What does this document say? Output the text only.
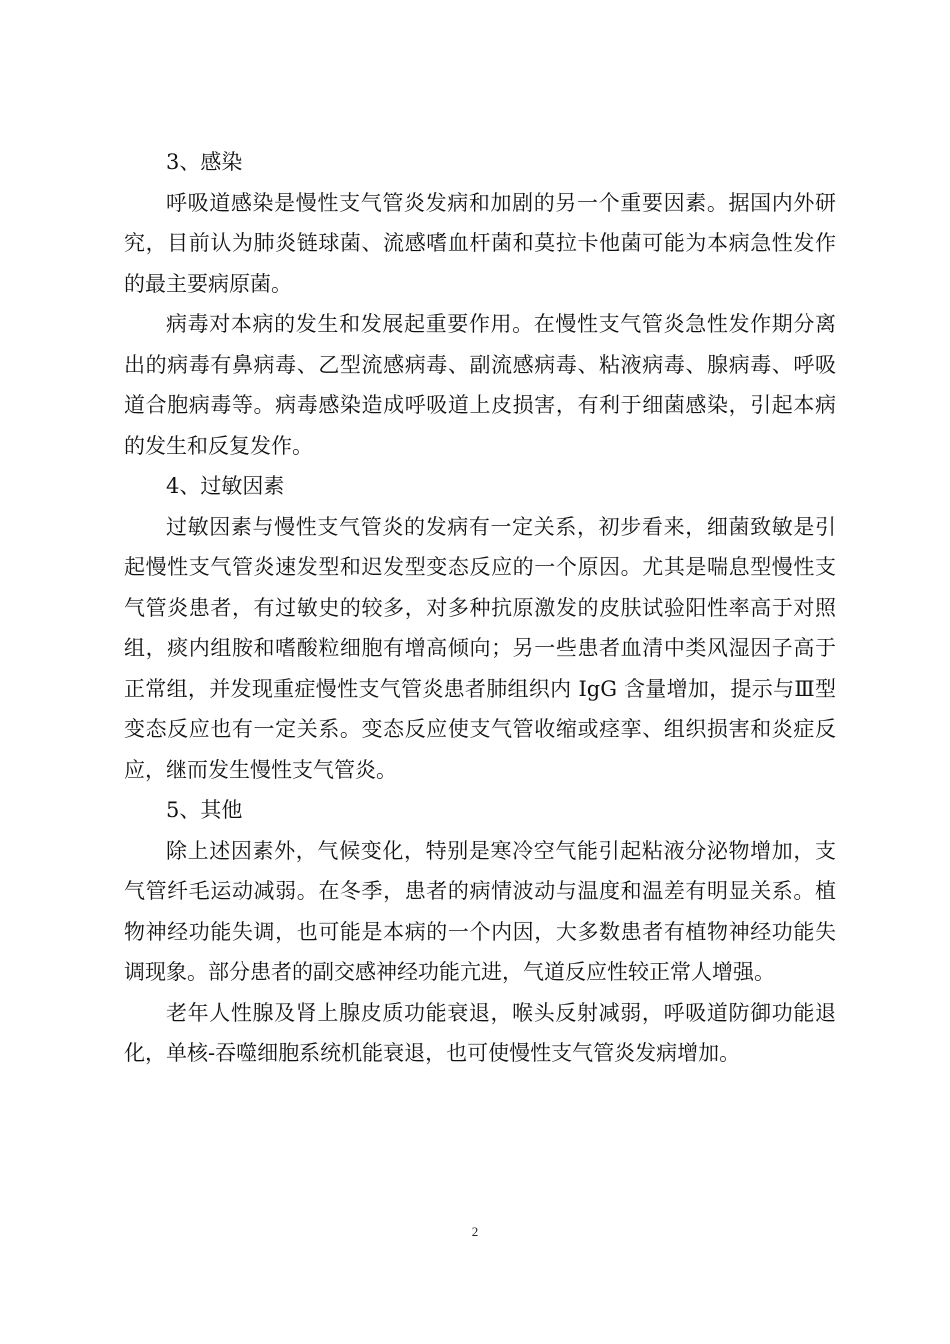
3、感染

呼吸道感染是慢性支气管炎发病和加剧的另一个重要因素。据国内外研究，目前认为肺炎链球菌、流感嗜血杆菌和莫拉卡他菌可能为本病急性发作的最主要病原菌。

病毒对本病的发生和发展起重要作用。在慢性支气管炎急性发作期分离出的病毒有鼻病毒、乙型流感病毒、副流感病毒、粘液病毒、腺病毒、呼吸道合胞病毒等。病毒感染造成呼吸道上皮损害，有利于细菌感染，引起本病的发生和反复发作。

4、过敏因素

过敏因素与慢性支气管炎的发病有一定关系，初步看来，细菌致敏是引起慢性支气管炎速发型和迟发型变态反应的一个原因。尤其是喘息型慢性支气管炎患者，有过敏史的较多，对多种抗原激发的皮肤试验阳性率高于对照组，痰内组胺和嗜酸粒细胞有增高倾向；另一些患者血清中类风湿因子高于正常组，并发现重症慢性支气管炎患者肺组织内 IgG 含量增加，提示与Ⅲ型变态反应也有一定关系。变态反应使支气管收缩或痉挛、组织损害和炎症反应，继而发生慢性支气管炎。

5、其他

除上述因素外，气候变化，特别是寒冷空气能引起粘液分泌物增加，支气管纤毛运动减弱。在冬季，患者的病情波动与温度和温差有明显关系。植物神经功能失调，也可能是本病的一个内因，大多数患者有植物神经功能失调现象。部分患者的副交感神经功能亢进，气道反应性较正常人增强。

老年人性腺及肾上腺皮质功能衰退，喉头反射减弱，呼吸道防御功能退化，单核-吞噬细胞系统机能衰退，也可使慢性支气管炎发病增加。

2
